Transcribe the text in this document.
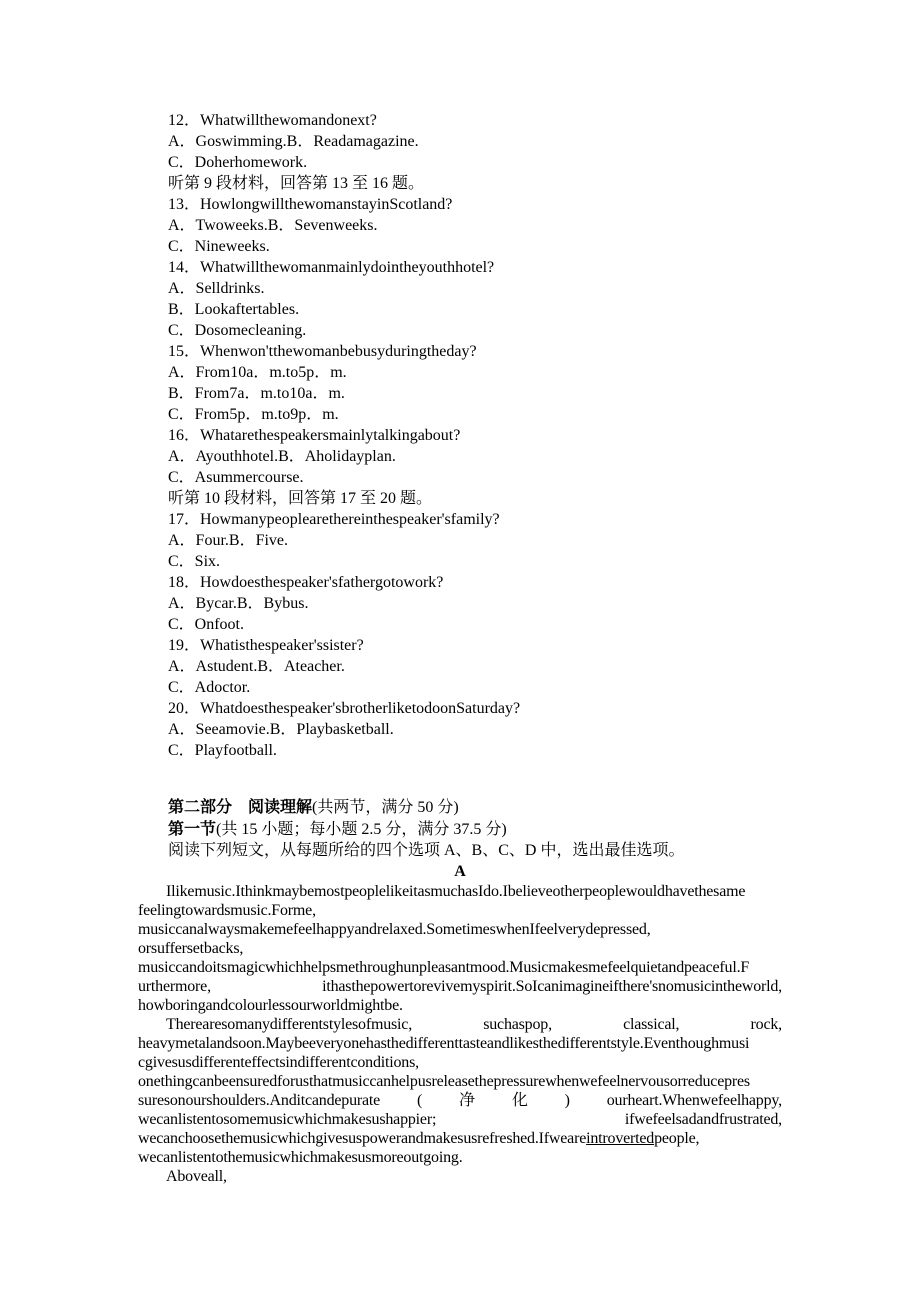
12．Whatwillthewomandonext?
A．Goswimming.B．Readamagazine.
C．Doherhomework.
听第 9 段材料，回答第 13 至 16 题。
13．HowlongwillthewomanstayinScotland?
A．Twoweeks.B．Sevenweeks.
C．Nineweeks.
14．Whatwillthewomanmainlydointheyouthhotel?
A．Selldrinks.
B．Lookaftertables.
C．Dosomecleaning.
15．Whenwon'tthewomanbebusyduringtheday?
A．From10a．m.to5p．m.
B．From7a．m.to10a．m.
C．From5p．m.to9p．m.
16．Whatarethespeakersmainlytalkingabout?
A．Ayouthhotel.B．Aholidayplan.
C．Asummercourse.
听第 10 段材料，回答第 17 至 20 题。
17．Howmanypeoplearethereinthespeaker'sfamily?
A．Four.B．Five.
C．Six.
18．Howdoesthespeaker'sfathergotowork?
A．Bycar.B．Bybus.
C．Onfoot.
19．Whatisthespeaker'ssister?
A．Astudent.B．Ateacher.
C．Adoctor.
20．Whatdoesthespeaker'sbrotherliketodoonSaturday?
A．Seeamovie.B．Playbasketball.
C．Playfootball.
第二部分　阅读理解(共两节，满分 50 分)
第一节(共 15 小题；每小题 2.5 分，满分 37.5 分)
阅读下列短文，从每题所给的四个选项 A、B、C、D 中，选出最佳选项。
A
Ilikemusic.IthinkmaybemostpeoplelikeitasmuchasIdo.Ibelieveotherpeoplewouldhavethesame
feelingtowardsmusic.Forme,
musiccanalwaysmakemefeelhappyandrelaxed.SometimeswhenIfeelverydepressed,
orsuffersetbacks,
musiccandoitsmagicwhichhelpsmethroughunpleasantmood.Musicmakesmefeelquietandpeaceful.F
urthermore,	ithasthepowertorevivemyspirit.SoIcanimagineifthere'snomusicintheworld,
howboringandcolourlessourworldmightbe.
Therearesomanydifferentstylesofmusic,	suchaspop,	classical,	rock,
heavymetalandsoon.Maybeeveryonehasthedifferenttasteandlikesthedifferentstyle.Eventhoughmusi
cgivesusdifferenteffectsindifferentconditions,
onethingcanbeensuredforusthatmusiccanhelpusreleasethepressurewhenwefeelnervousorreducepres
suresonourshoulders.Anditcandepurate ( 净 化 ) ourheart.Whenwefeelhappy,
wecanlistentosomemusicwhichmakesushappier;	ifwefeelsadandfrustrated,
wecanchoosethemusicwhichgivesuspowerandmakesusrefreshed.Ifweareintrovertedpeople,
wecanlistentothemusicwhichmakesusmoreoutgoing.
Aboveall,
